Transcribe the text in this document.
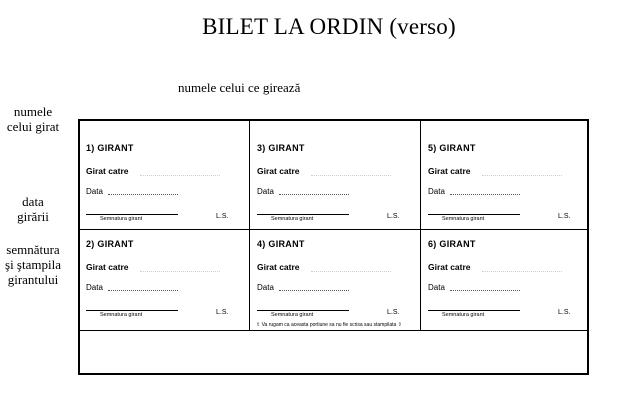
BILET LA ORDIN (verso)
numele celui ce girează
numele
celui girat
data
girării
semnătura
şi ştampila
girantului
1) GIRANT
Girat catre
Data
Semnatura girant	L.S.
3) GIRANT
Girat catre
Data
Semnatura girant	L.S.
5) GIRANT
Girat catre
Data
Semnatura girant	L.S.
2) GIRANT
Girat catre
Data
Semnatura girant	L.S.
4) GIRANT
Girat catre
Data
Semnatura girant	L.S.
6) GIRANT
Girat catre
Data
Semnatura girant	L.S.
⇧ Va rugam ca aceasta portiune sa nu fie scrisa sau stampilata ⇧
